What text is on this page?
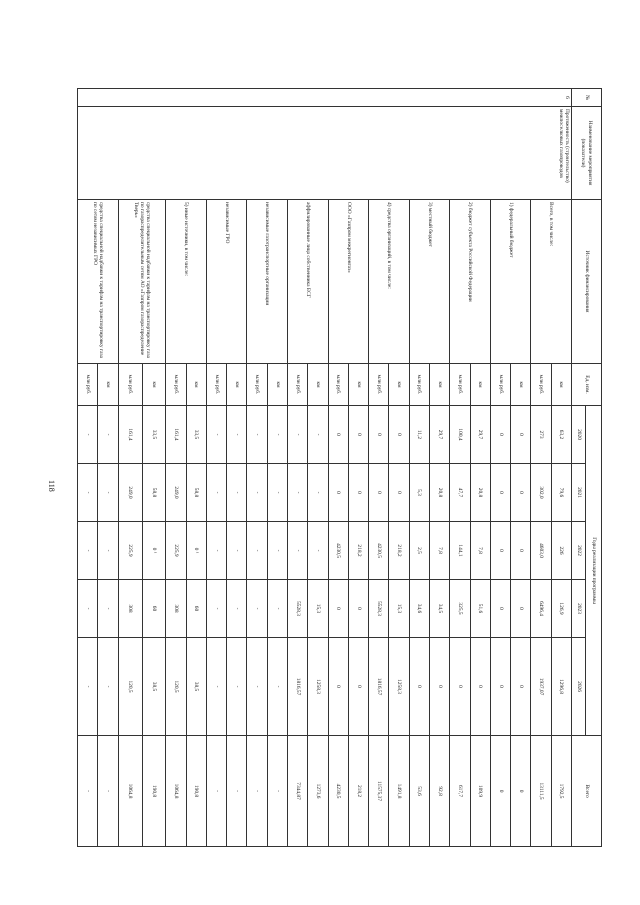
118
№	Наименование мероприятия (показатели)	Источник финансирования	Ед. изм.	Годы реализации программы					Всего
				2020	2021	2022	2023	2026	
6	Протяженность (строительство) межпоселковых газопроводов	Всего, в том числе:	км	63,2	79,6	226	126,9	1296,8	1792,5
			млн руб.	273	302,0	4603,0	6496,4	1937,07	13111,5
		1) федеральный бюджет	км	0	0	0	0	0	0
			млн руб.	0	0	0	0	0	0
		2) бюджет субъекта Российской Федерации	км	29,7	20,8	7,8	51,6	0	109,9
			млн руб.	100,4	47,7	144,1	325,5	0	617,7
		3) местный бюджет	км	29,7	20,8	7,8	34,5	0	92,8
			млн руб.	11,2	5,3	2,5	34,6	0	53,6
		4) средства организаций, в том числе:	км	0	0	218,2	15,3	1258,3	1491,8
			млн руб.	0	0	4230,5	5528,3	1816,57	11575,37
		ООО «Газпром межрегионгаз»	км	0	0	218,2	0	0	218,2
			млн руб.	0	0	4230,5	0	0	4230,5
		аффилированные лица собственника ЕСГ	км	-	-	-	15,3	1258,3	1273,6
			млн руб.	-	-	-	5528,3	1816,57	7344,87
		независимые газотранспортные организации	км	-	-	-	-	-	-
			млн руб.	-	-	-	-	-	-
		независимые ГРО	км	-	-	-	-	-	-
			млн руб.	-	-	-	-	-	-
		5) иные источники, в том числе:	км	33,5	58,8	0 ¹	60	38,5	190,8
			млн руб.	161,4	249,0	225,9	308	120,5	1064,8
		средства специальной надбавки к тарифам на транспортировку газа по газораспределительным сетям АО «Газпром газораспределение Тверь»	км	33,5	58,8	0 ¹	60	38,5	190,8
			млн руб.	161,4	249,0	225,9	308	120,5	1064,8
		средства специальной надбавки к тарифам на транспортировку газа по сетям независимых ГРО	км	-	-	-	-	-	-
			млн руб.	-	-	-	-	-	-
